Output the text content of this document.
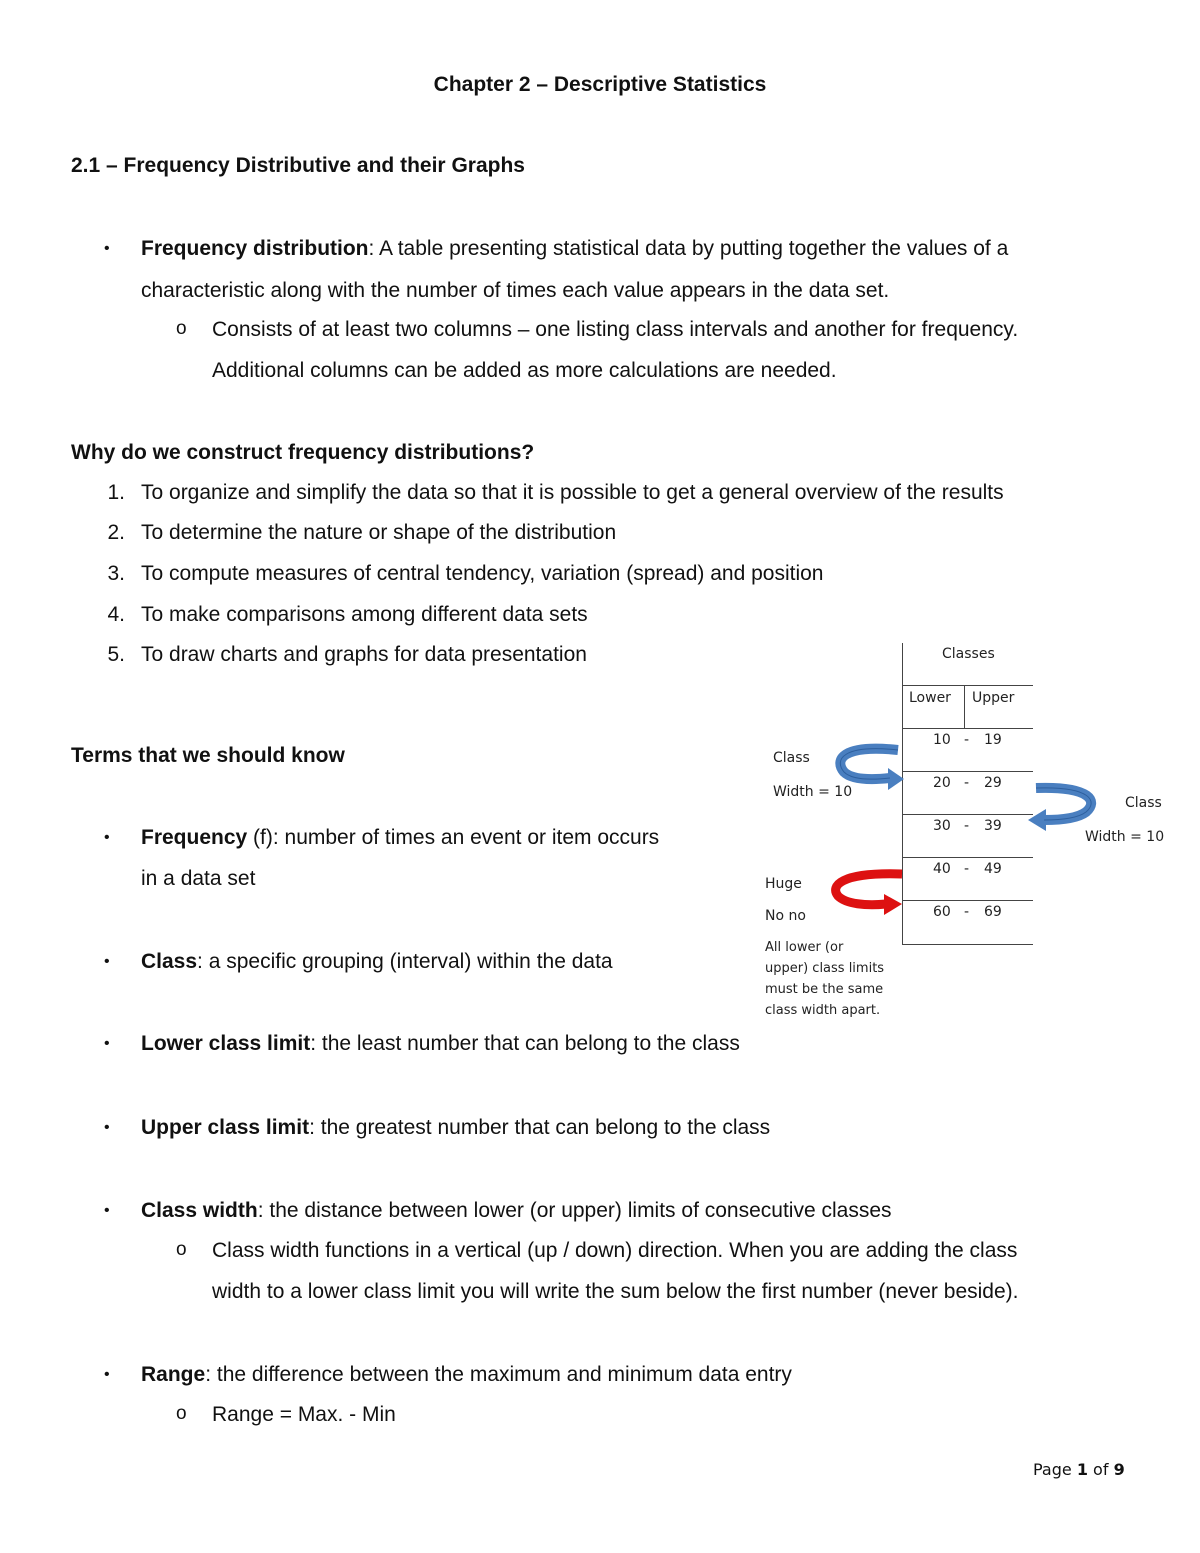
Chapter 2 – Descriptive Statistics
2.1 – Frequency Distributive and their Graphs
• Frequency distribution: A table presenting statistical data by putting together the values of a
characteristic along with the number of times each value appears in the data set.
o Consists of at least two columns – one listing class intervals and another for frequency.
Additional columns can be added as more calculations are needed.
Why do we construct frequency distributions?
1. To organize and simplify the data so that it is possible to get a general overview of the results
2. To determine the nature or shape of the distribution
3. To compute measures of central tendency, variation (spread) and position
4. To make comparisons among different data sets
5. To draw charts and graphs for data presentation
Terms that we should know
• Frequency (f): number of times an event or item occurs
in a data set
• Class: a specific grouping (interval) within the data
• Lower class limit: the least number that can belong to the class
• Upper class limit: the greatest number that can belong to the class
• Class width: the distance between lower (or upper) limits of consecutive classes
o Class width functions in a vertical (up / down) direction. When you are adding the class
width to a lower class limit you will write the sum below the first number (never beside).
• Range: the difference between the maximum and minimum data entry
o Range = Max. - Min
Classes
Lower Upper
10 - 19
20 - 29
30 - 39
40 - 49
60 - 69
Class
Width = 10
Class
Width = 10
Huge
No no
All lower (or
upper) class limits
must be the same
class width apart.
Page 1 of 9
